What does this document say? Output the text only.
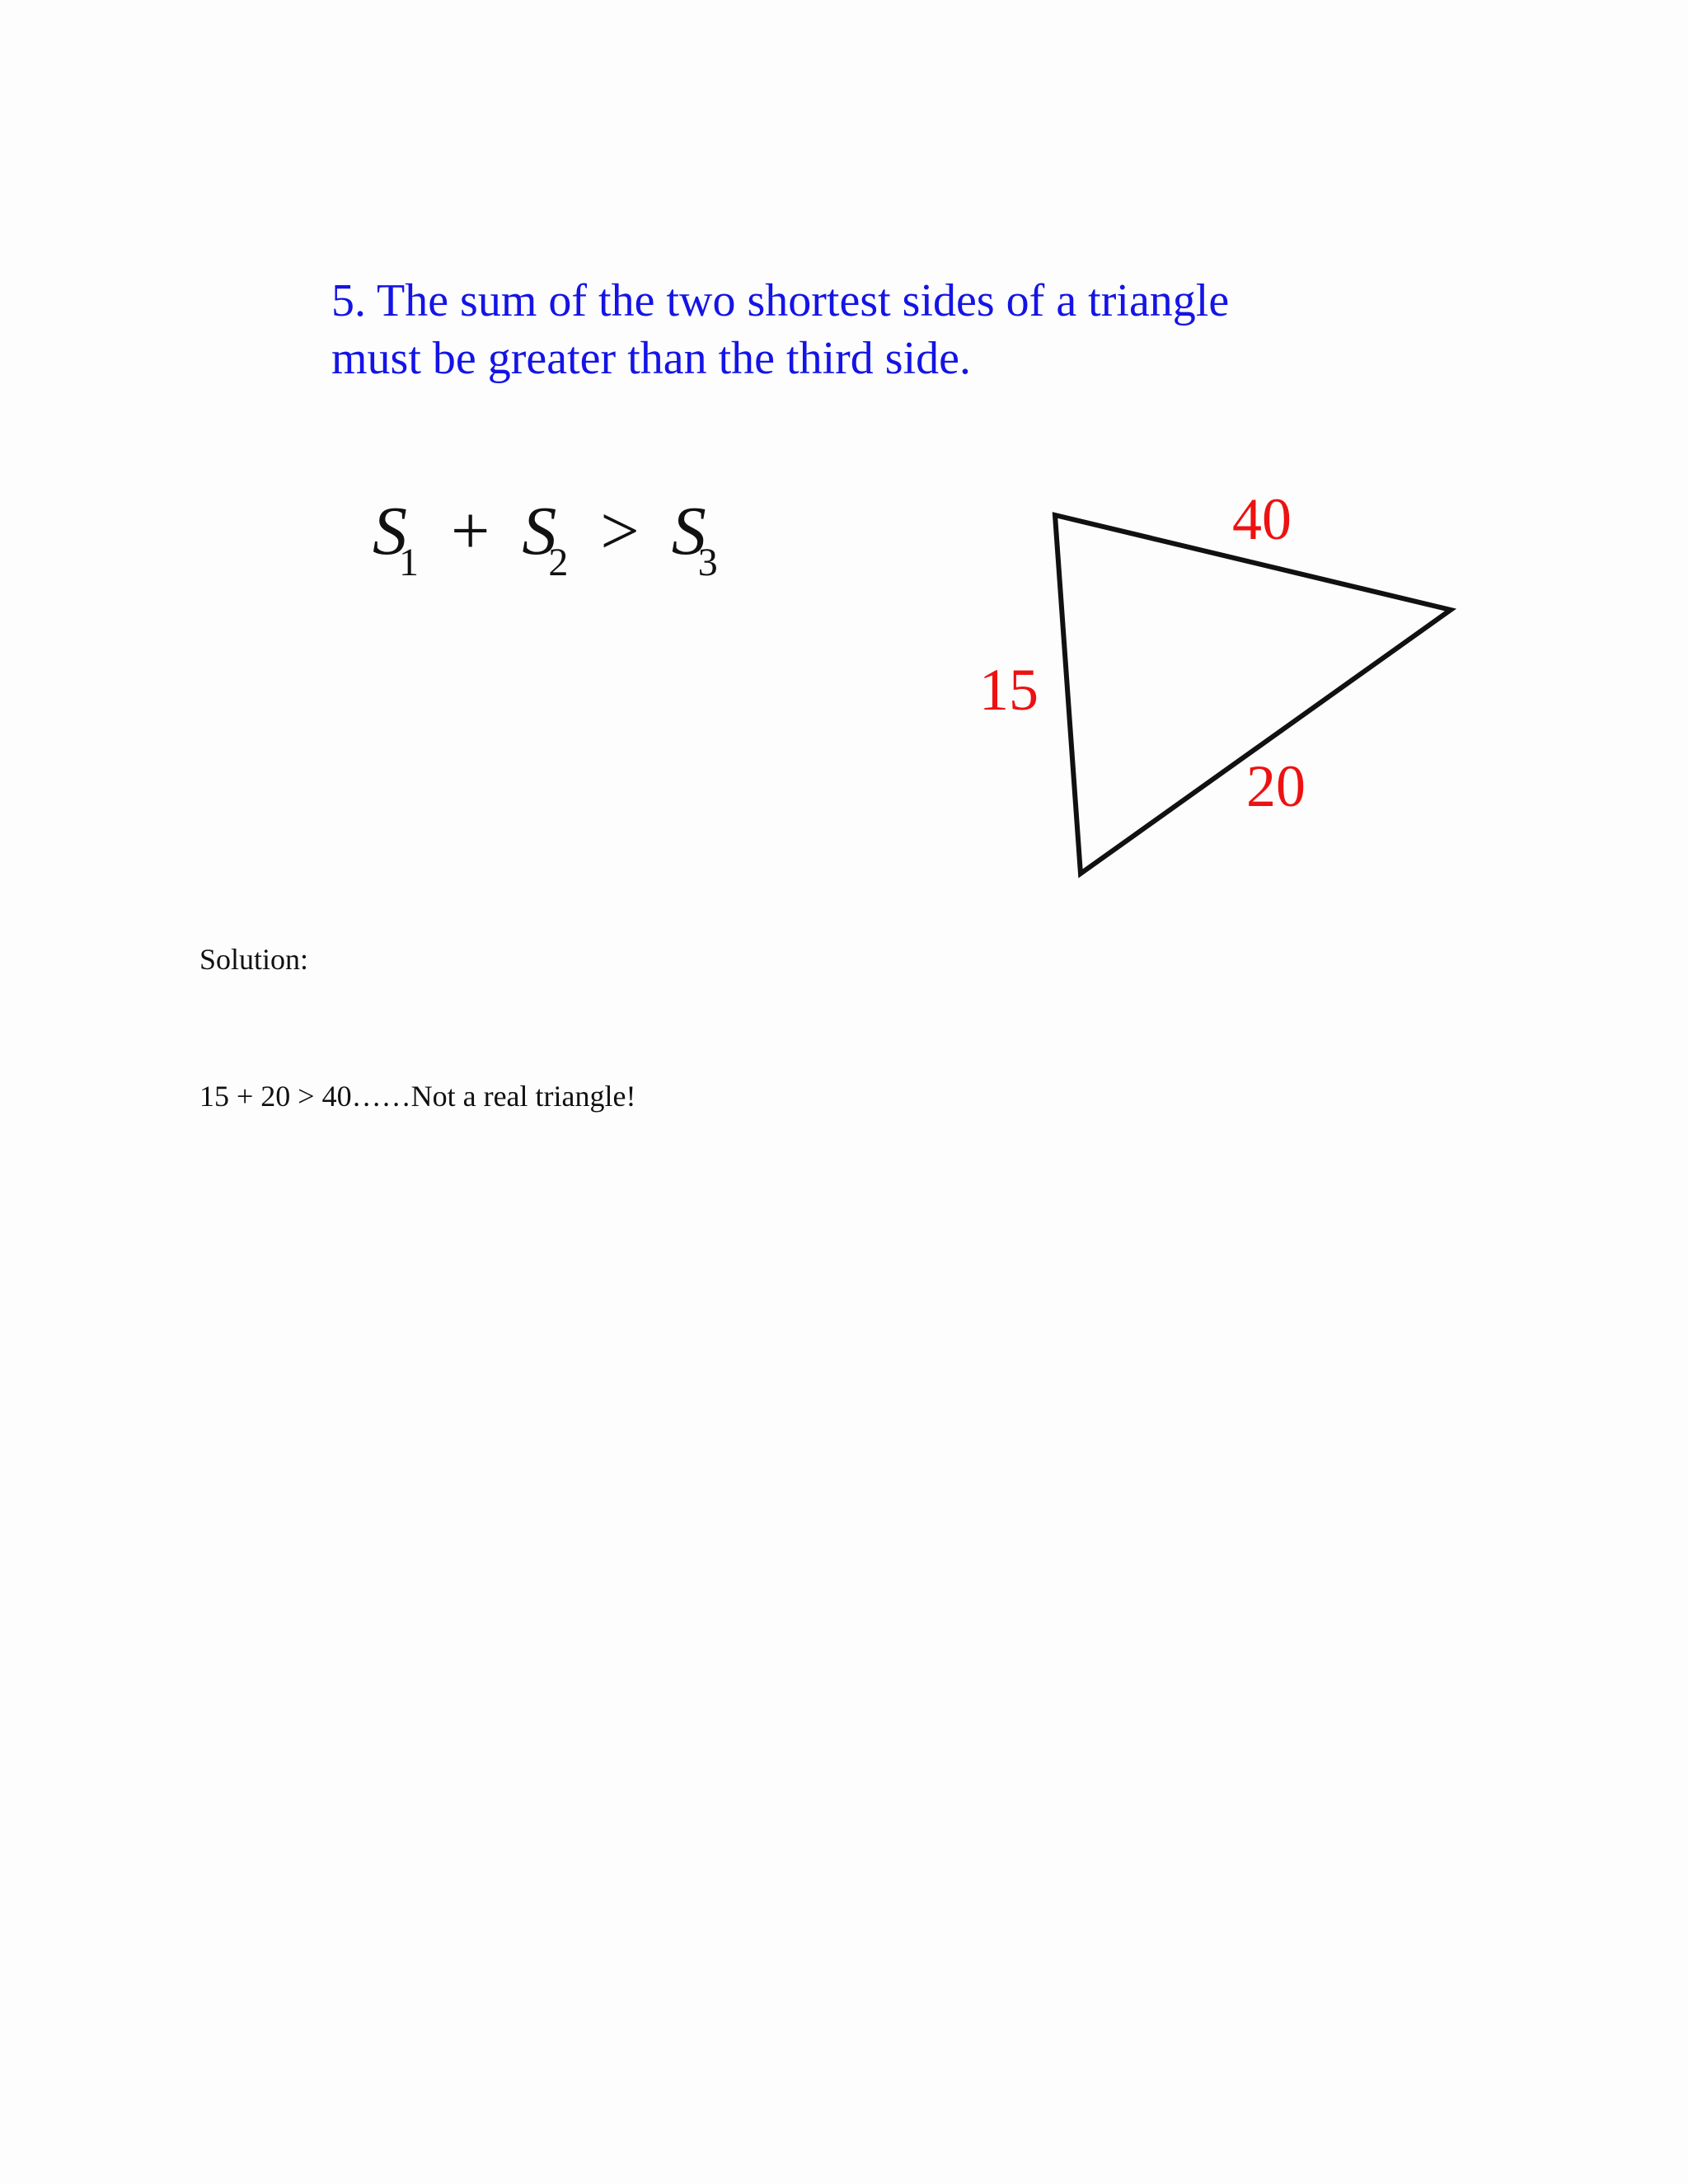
5. The sum of the two shortest sides of a triangle
must be greater than the third side.
$S_1 + S_2 > S_3$
40
15
20
Solution:
15 + 20 > 40……Not a real triangle!
